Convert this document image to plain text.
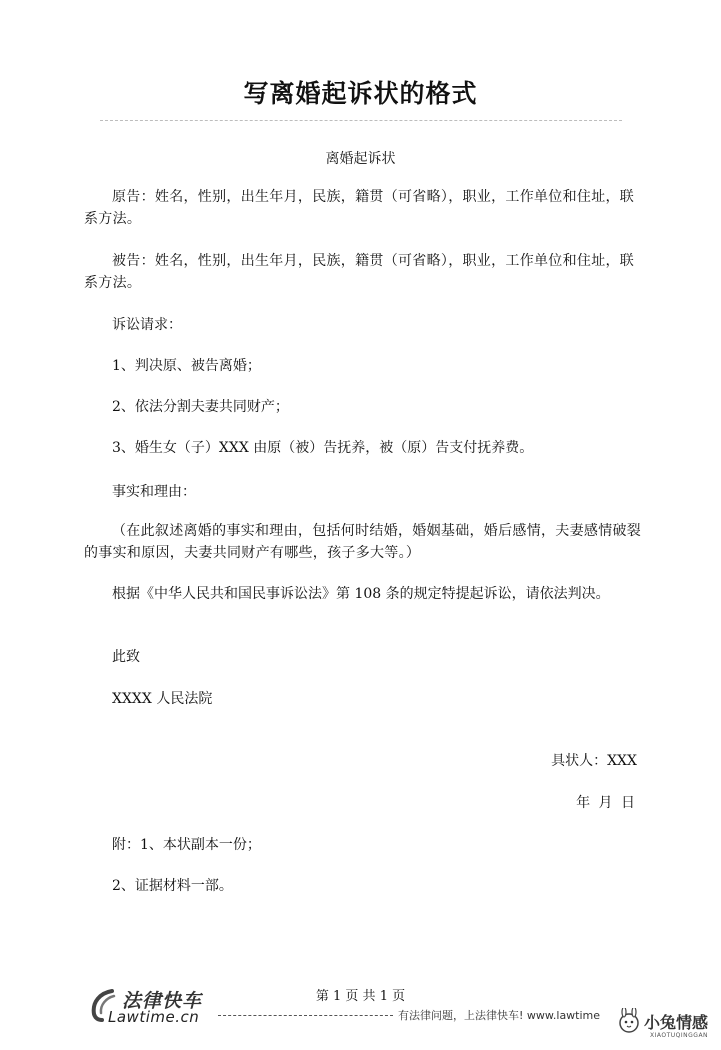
写离婚起诉状的格式
离婚起诉状
原告：姓名，性别，出生年月，民族，籍贯（可省略），职业，工作单位和住址，联系方法。
被告：姓名，性别，出生年月，民族，籍贯（可省略），职业，工作单位和住址，联系方法。
诉讼请求：
1、判决原、被告离婚；
2、依法分割夫妻共同财产；
3、婚生女（子）XXX 由原（被）告抚养，被（原）告支付抚养费。
事实和理由：
（在此叙述离婚的事实和理由，包括何时结婚，婚姻基础，婚后感情，夫妻感情破裂的事实和原因，夫妻共同财产有哪些，孩子多大等。）
根据《中华人民共和国民事诉讼法》第 108 条的规定特提起诉讼，请依法判决。
此致
XXXX 人民法院
具状人：XXX
年 月 日
附：1、本状副本一份；
2、证据材料一部。
法律快车
Lawtime.cn
第 1 页 共 1 页
有法律问题，上法律快车! www.lawtime	小兔情感
XIAOTUQINGGAN
